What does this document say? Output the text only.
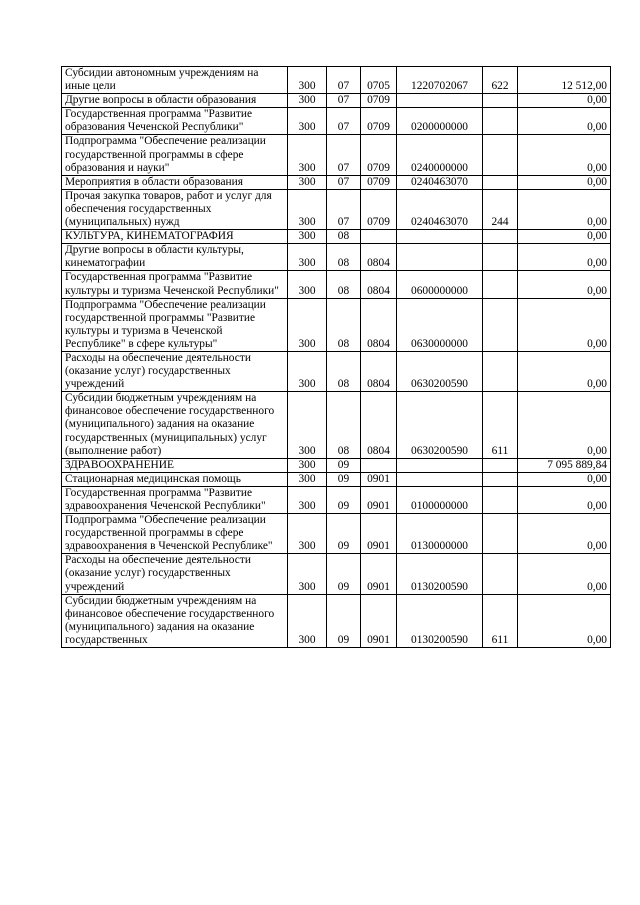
Субсидии автономным учреждениям на иные цели	300	07	0705	1220702067	622	12 512,00
Другие вопросы в области образования	300	07	0709			0,00
Государственная программа "Развитие образования Чеченской Республики"	300	07	0709	0200000000		0,00
Подпрограмма "Обеспечение реализации государственной программы в сфере образования и науки"	300	07	0709	0240000000		0,00
Мероприятия в области образования	300	07	0709	0240463070		0,00
Прочая закупка товаров, работ и услуг для обеспечения государственных (муниципальных) нужд	300	07	0709	0240463070	244	0,00
КУЛЬТУРА, КИНЕМАТОГРАФИЯ	300	08				0,00
Другие вопросы в области культуры, кинематографии	300	08	0804			0,00
Государственная программа "Развитие культуры и туризма Чеченской Республики"	300	08	0804	0600000000		0,00
Подпрограмма "Обеспечение реализации государственной программы "Развитие культуры и туризма в Чеченской Республике" в сфере культуры"	300	08	0804	0630000000		0,00
Расходы на обеспечение деятельности (оказание услуг) государственных учреждений	300	08	0804	0630200590		0,00
Субсидии бюджетным учреждениям на финансовое обеспечение государственного (муниципального) задания на оказание государственных (муниципальных) услуг (выполнение работ)	300	08	0804	0630200590	611	0,00
ЗДРАВООХРАНЕНИЕ	300	09				7 095 889,84
Стационарная медицинская помощь	300	09	0901			0,00
Государственная программа "Развитие здравоохранения Чеченской Республики"	300	09	0901	0100000000		0,00
Подпрограмма "Обеспечение реализации государственной программы в сфере здравоохранения в Чеченской Республике"	300	09	0901	0130000000		0,00
Расходы на обеспечение деятельности (оказание услуг) государственных учреждений	300	09	0901	0130200590		0,00
Субсидии бюджетным учреждениям на финансовое обеспечение государственного (муниципального) задания на оказание государственных	300	09	0901	0130200590	611	0,00
